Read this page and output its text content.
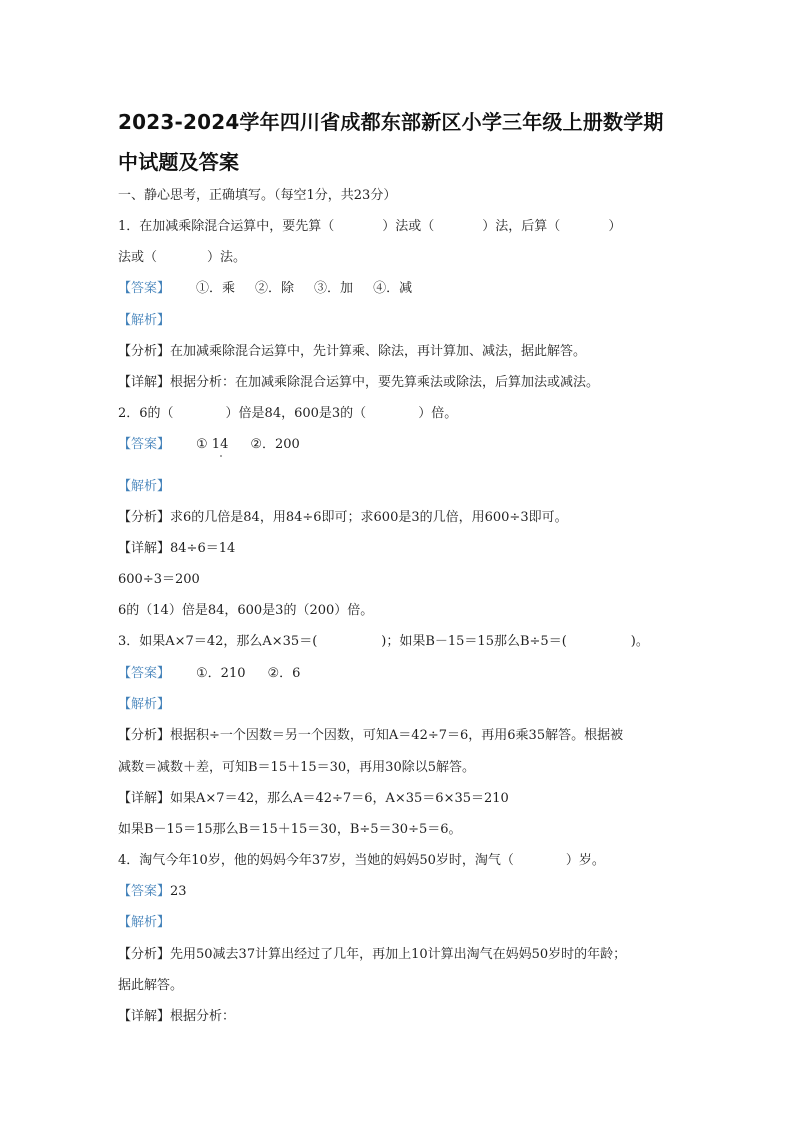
2023-2024学年四川省成都东部新区小学三年级上册数学期
中试题及答案
一、静心思考，正确填写。（每空1分，共23分）
1．在加减乘除混合运算中，要先算（	）法或（	）法，后算（	）
法或（	）法。
【答案】 ①．乘 ②．除 ③．加 ④．减
【解析】
【分析】在加减乘除混合运算中，先计算乘、除法，再计算加、减法，据此解答。
【详解】根据分析：在加减乘除混合运算中，要先算乘法或除法，后算加法或减法。
2．6的（	）倍是84，600是3的（	）倍。
【答案】 ① 14 ②．200
【解析】
【分析】求6的几倍是84，用84÷6即可；求600是3的几倍，用600÷3即可。
【详解】84÷6＝14
600÷3＝200
6的（14）倍是84，600是3的（200）倍。
3．如果A×7＝42，那么A×35＝(	)；如果B－15＝15那么B÷5＝(	)。
【答案】 ①．210 ②．6
【解析】
【分析】根据积÷一个因数＝另一个因数，可知A＝42÷7＝6，再用6乘35解答。根据被
减数＝减数＋差，可知B＝15＋15＝30，再用30除以5解答。
【详解】如果A×7＝42，那么A＝42÷7＝6，A×35＝6×35＝210
如果B－15＝15那么B＝15＋15＝30，B÷5＝30÷5＝6。
4．淘气今年10岁，他的妈妈今年37岁，当她的妈妈50岁时，淘气（	）岁。
【答案】23
【解析】
【分析】先用50减去37计算出经过了几年，再加上10计算出淘气在妈妈50岁时的年龄；
据此解答。
【详解】根据分析：
